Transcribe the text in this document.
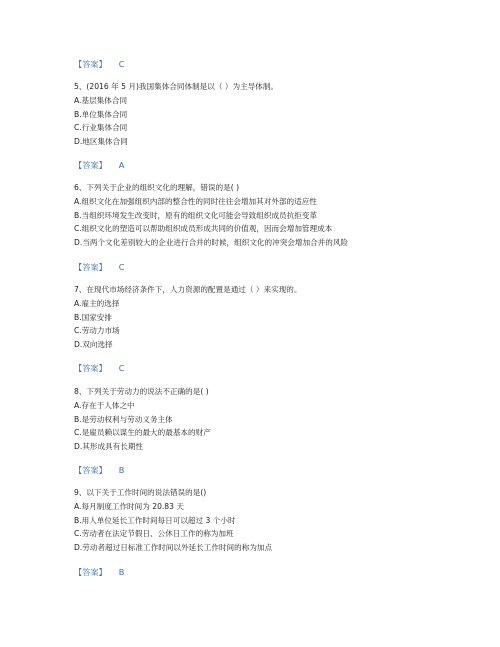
【答案】 C
5、(2016 年 5 月)我国集体合同体制是以（ ）为主导体制。
A.基层集体合同
B.单位集体合同
C.行业集体合同
D.地区集体合同
【答案】 A
6、下列关于企业的组织文化的理解，错误的是( )
A.组织文化在加强组织内部的整合性的同时往往会增加其对外部的适应性
B.当组织环境发生改变时，原有的组织文化可能会导致组织成员抗拒变革
C.组织文化的塑造可以帮助组织成员形成共同的价值观，因而会增加管理成本
D.当两个文化差别较大的企业进行合并的时候，组织文化的冲突会增加合并的风险
【答案】 C
7、在现代市场经济条件下，人力资源的配置是通过（ ）来实现的。
A.雇主的选择
B.国家安排
C.劳动力市场
D.双向选择
【答案】 C
8、下列关于劳动力的说法不正确的是( )
A.存在于人体之中
B.是劳动权利与劳动义务主体
C.是雇员赖以谋生的最大的最基本的财产
D.其形成具有长期性
【答案】 B
9、以下关于工作时间的说法错误的是()
A.每月制度工作时间为 20.83 天
B.用人单位延长工作时间每日可以超过 3 个小时
C.劳动者在法定节假日、公休日工作的称为加班
D.劳动者超过日标准工作时间以外延长工作时间的称为加点
【答案】 B
